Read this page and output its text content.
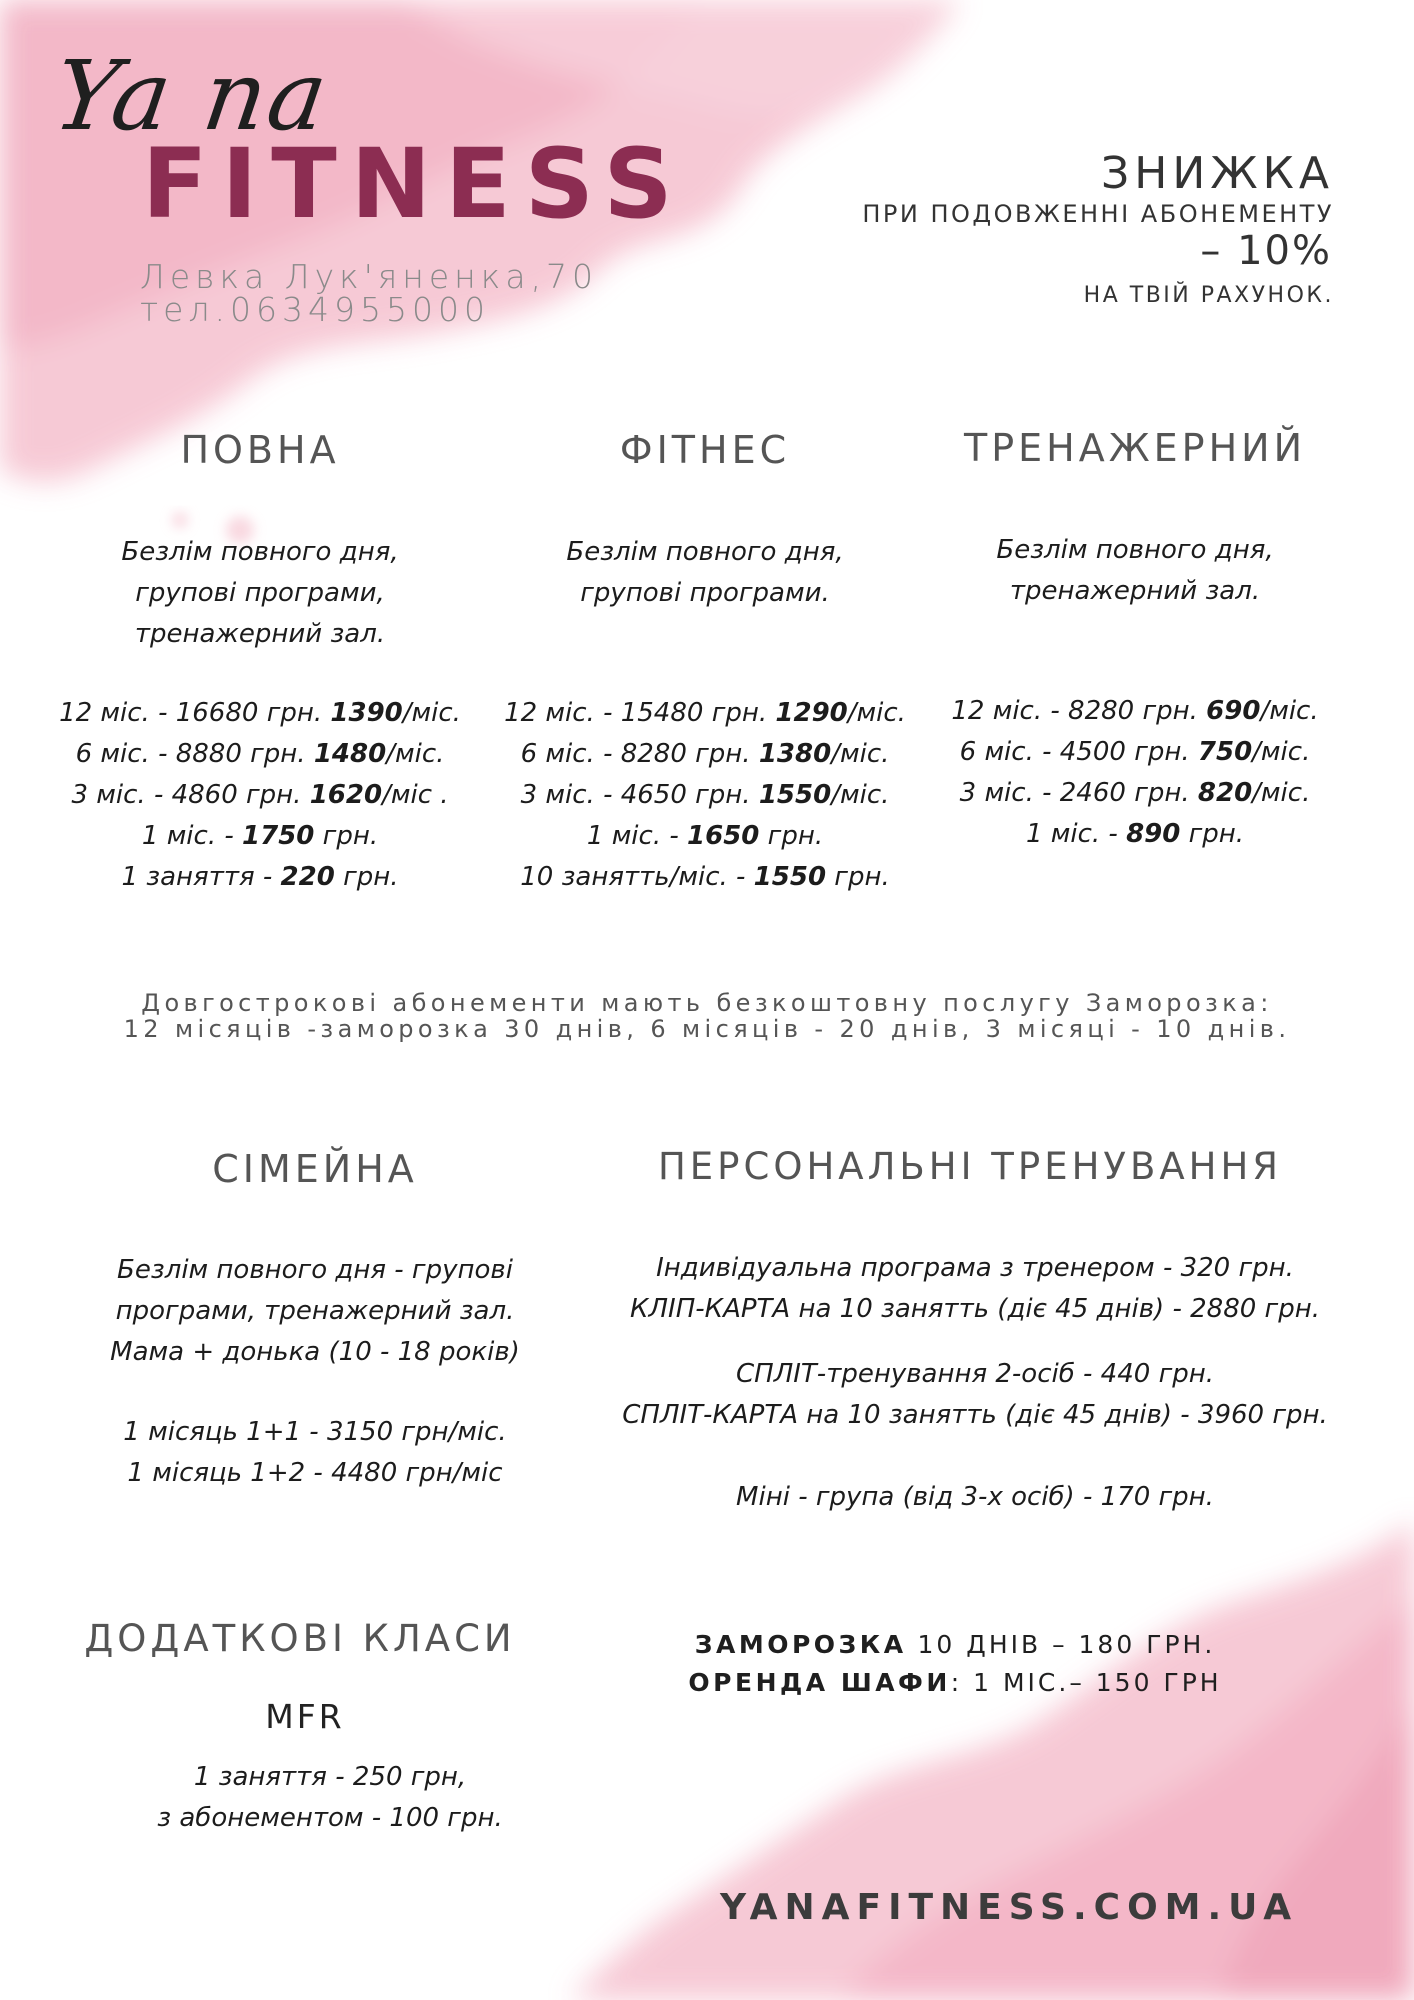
Ya na
FITNESS
Левка Лук'яненка,70
тел.0634955000
ЗНИЖКА
ПРИ ПОДОВЖЕННІ АБОНЕМЕНТУ
– 10%
НА ТВІЙ РАХУНОК.
ПОВНА
Безлім повного дня,
групові програми,
тренажерний зал.
12 міс. - 16680 грн. 1390/міс.
6 міс. - 8880 грн. 1480/міс.
3 міс. - 4860 грн. 1620/міс .
1 міс. - 1750 грн.
1 заняття - 220 грн.
ФІТНЕС
Безлім повного дня,
групові програми.
12 міс. - 15480 грн. 1290/міс.
6 міс. - 8280 грн. 1380/міс.
3 міс. - 4650 грн. 1550/міс.
1 міс. - 1650 грн.
10 занятть/міс. - 1550 грн.
ТРЕНАЖЕРНИЙ
Безлім повного дня,
тренажерний зал.
12 міс. - 8280 грн. 690/міс.
6 міс. - 4500 грн. 750/міс.
3 міс. - 2460 грн. 820/міс.
1 міс. - 890 грн.
Довгострокові абонементи мають безкоштовну послугу Заморозка:
12 місяців -заморозка 30 днів, 6 місяців - 20 днів, 3 місяці - 10 днів.
СІМЕЙНА
Безлім повного дня - групові
програми, тренажерний зал.
Мама + донька (10 - 18 років)
1 місяць 1+1 - 3150 грн/міс.
1 місяць 1+2 - 4480 грн/міс
ПЕРСОНАЛЬНІ ТРЕНУВАННЯ
Індивідуальна програма з тренером - 320 грн.
КЛІП-КАРТА на 10 занятть (діє 45 днів) - 2880 грн.
СПЛІТ-тренування 2-осіб - 440 грн.
СПЛІТ-КАРТА на 10 занятть (діє 45 днів) - 3960 грн.
Міні - група (від 3-х осіб) - 170 грн.
ДОДАТКОВІ КЛАСИ
MFR
1 заняття - 250 грн,
з абонементом - 100 грн.
ЗАМОРОЗКА 10 ДНІВ – 180 ГРН.
ОРЕНДА ШАФИ: 1 МІС.– 150 ГРН
YANAFITNESS.COM.UA
